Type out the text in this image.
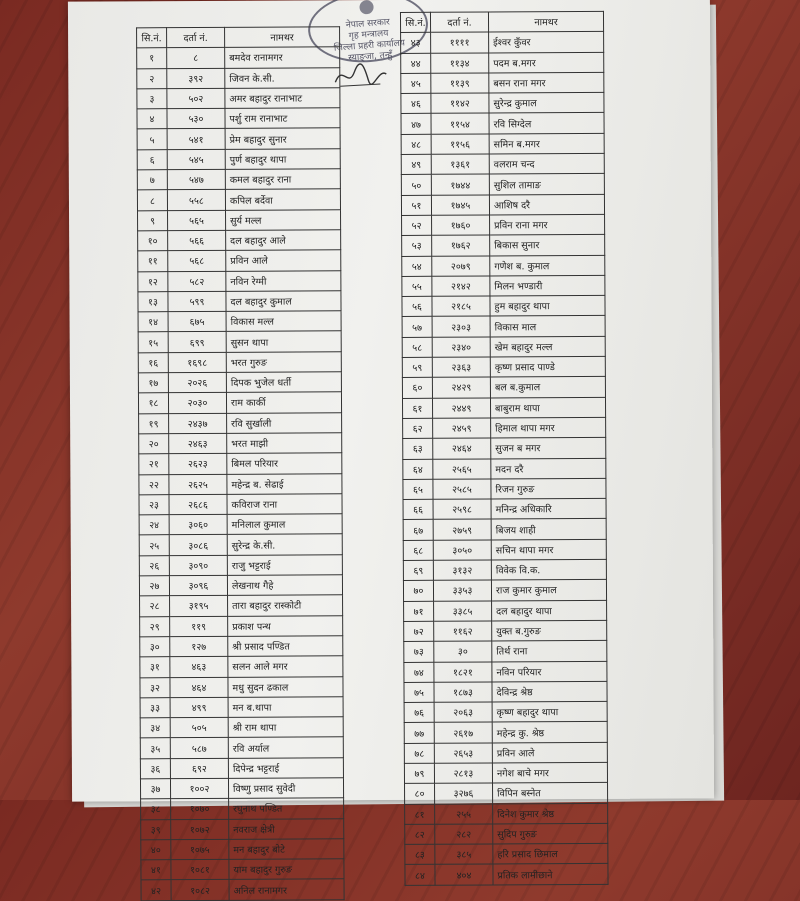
नेपाल सरकार
गृह मन्त्रालय
जिल्ला प्रहरी कार्यालय
स्याङ्जा, तन्हुँ
सि.नं.	दर्ता नं.	नामथर
१	८	बमदेव रानामगर
२	३९२	जिवन के.सी.
३	५०२	अमर बहादुर रानाभाट
४	५३०	पर्शु राम रानाभाट
५	५४१	प्रेम बहादुर सुनार
६	५४५	पुर्ण बहादुर थापा
७	५४७	कमल बहादुर राना
८	५५८	कपिल बर्देवा
९	५६५	सुर्य मल्ल
१०	५६६	दल बहादुर आले
११	५६८	प्रविन आले
१२	५८२	नविन रेग्मी
१३	५९९	दल बहादुर कुमाल
१४	६७५	विकास मल्ल
१५	६९९	सुसन थापा
१६	१६९८	भरत गुरुङ
१७	२०२६	दिपक भुजेल धर्ती
१८	२०३०	राम कार्की
१९	२४३७	रवि सुर्खाली
२०	२४६३	भरत माझी
२१	२६२३	बिमल परियार
२२	२६२५	महेन्द्र ब. सेढाई
२३	२६८६	कविराज राना
२४	३०६०	मनिलाल कुमाल
२५	३०८६	सुरेन्द्र के.सी.
२६	३०९०	राजु भट्टराई
२७	३०९६	लेखनाथ गैहे
२८	३१९५	तारा बहादुर रास्कोटी
२९	११९	प्रकाश पन्थ
३०	१२७	श्री प्रसाद पण्डित
३१	४६३	सलन आले मगर
३२	४६४	मधु सुदन ढकाल
३३	४९९	मन ब.थापा
३४	५०५	श्री राम थापा
३५	५८७	रवि अर्याल
३६	६९२	दिपेन्द्र भट्टराई
३७	१००२	विष्णु प्रसाद सुवेदी
३८	१०७०	रघुनाथ पण्डित
३९	१०७२	नवराज क्षेत्री
४०	१०७५	मन बहादुर बोटे
४१	१०८१	याम बहादुर गुरुङ
४२	१०८२	अनिल रानामगर
सि.नं.	दर्ता नं.	नामथर
४३	११११	ईश्वर कुँवर
४४	११३४	पदम ब.मगर
४५	११३९	बसन राना मगर
४६	११४२	सुरेन्द्र कुमाल
४७	११५४	रवि सिग्देल
४८	११५६	समिन ब.मगर
४९	१३६१	वलराम चन्द
५०	१७४४	सुशिल तामाङ
५१	१७४५	आशिष दरै
५२	१७६०	प्रविन राना मगर
५३	१७६२	बिकास सुनार
५४	२०७९	गणेश ब. कुमाल
५५	२१४२	मिलन भण्डारी
५६	२१८५	हुम बहादुर थापा
५७	२३०३	विकास माल
५८	२३४०	खेम बहादुर मल्ल
५९	२३६३	कृष्ण प्रसाद पाण्डे
६०	२४२९	बल ब.कुमाल
६१	२४४९	बाबुराम थापा
६२	२४५९	हिमाल थापा मगर
६३	२४६४	सुजन ब मगर
६४	२५६५	मदन दरै
६५	२५८५	रिजन गुरुङ
६६	२५९८	मनिन्द्र अधिकारि
६७	२७५९	बिजय शाही
६८	३०५०	सचिन थापा मगर
६९	३१३२	विवेक वि.क.
७०	३३५३	राज कुमार कुमाल
७१	३३८५	दल बहादुर थापा
७२	११६२	युक्त ब.गुरुङ
७३	३०	तिर्थ राना
७४	१८२१	नविन परियार
७५	१८७३	देविन्द्र श्रेष्ठ
७६	२०६३	कृष्ण बहादुर थापा
७७	२६१७	महेन्द्र कु. श्रेष्ठ
७८	२६५३	प्रविन आले
७९	२८१३	नगेश बाचे मगर
८०	३२७६	विपिन बस्नेत
८१	२५५	दिनेश कुमार श्रेष्ठ
८२	२८२	सुदिप गुरुङ
८३	३८५	हरि प्रसाद छिमाल
८४	४०४	प्रतिक लामीछाने
